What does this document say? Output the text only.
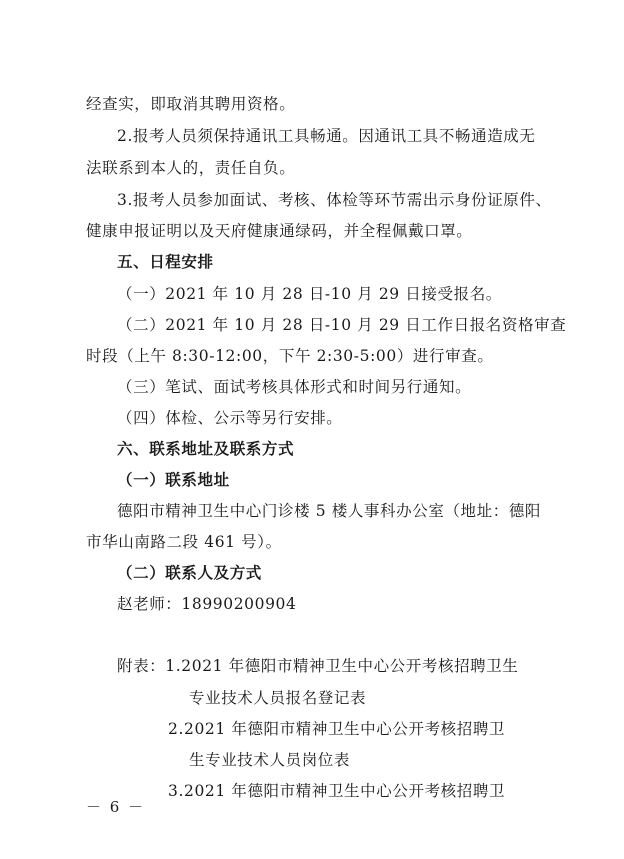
经查实，即取消其聘用资格。
2.报考人员须保持通讯工具畅通。因通讯工具不畅通造成无
法联系到本人的，责任自负。
3.报考人员参加面试、考核、体检等环节需出示身份证原件、
健康申报证明以及天府健康通绿码，并全程佩戴口罩。
五、日程安排
（一）2021 年 10 月 28 日-10 月 29 日接受报名。
（二）2021 年 10 月 28 日-10 月 29 日工作日报名资格审查
时段（上午 8:30-12:00，下午 2:30-5:00）进行审查。
（三）笔试、面试考核具体形式和时间另行通知。
（四）体检、公示等另行安排。
六、联系地址及联系方式
（一）联系地址
德阳市精神卫生中心门诊楼 5 楼人事科办公室（地址：德阳
市华山南路二段 461 号）。
（二）联系人及方式
赵老师：18990200904
附表：1.2021 年德阳市精神卫生中心公开考核招聘卫生
专业技术人员报名登记表
2.2021 年德阳市精神卫生中心公开考核招聘卫
生专业技术人员岗位表
3.2021 年德阳市精神卫生中心公开考核招聘卫
－ 6 －
